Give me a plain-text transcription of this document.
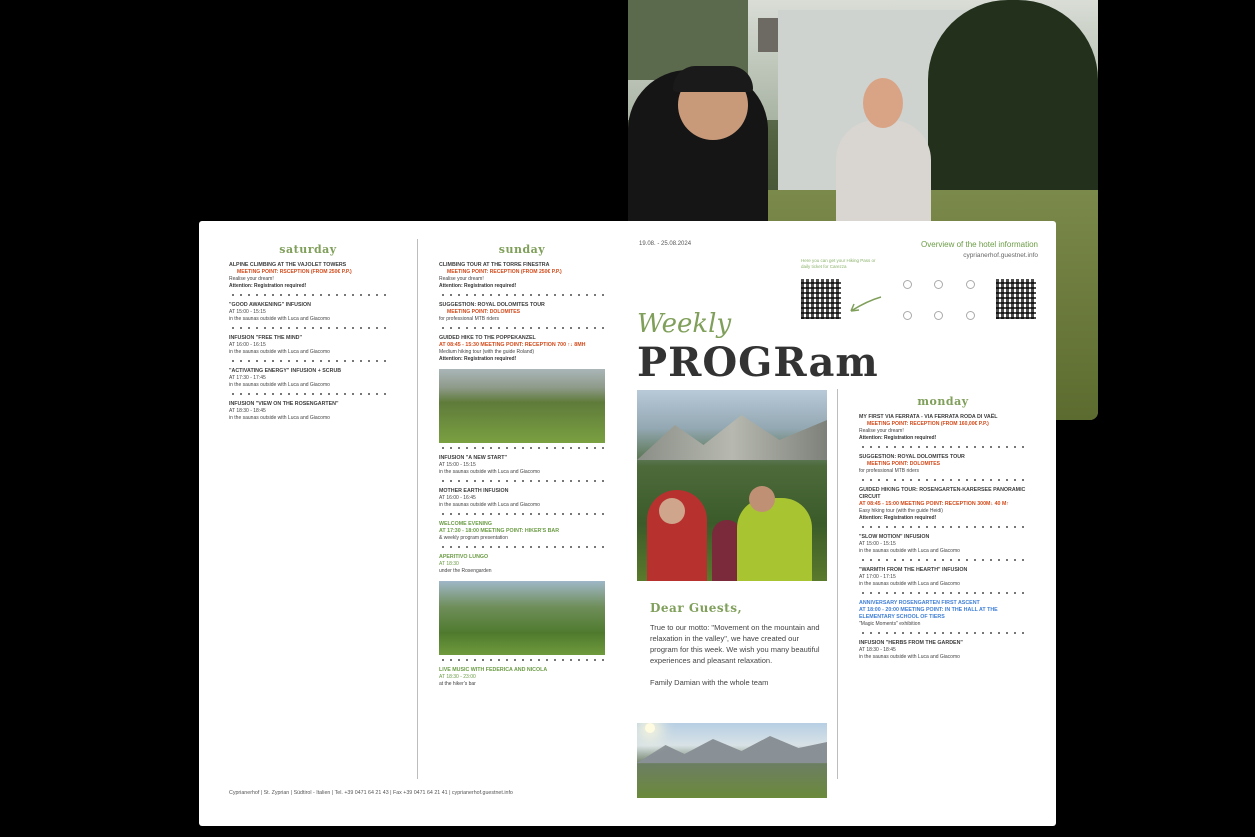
saturday
ALPINE CLIMBING AT THE VAJOLET TOWERS
MEETING POINT: RSCEPTION (FROM 250€ P.P.)
Realise your dream!
Attention: Registration required!
"GOOD AWAKENING" INFUSION
AT 15:00 - 15:15
in the saunas outside with Luca and Giacomo
INFUSION "FREE THE MIND"
AT 16:00 - 16:15
in the saunas outside with Luca and Giacomo
"ACTIVATING ENERGY" INFUSION + SCRUB
AT 17:30 - 17:45
in the saunas outside with Luca and Giacomo
INFUSION "VIEW ON THE ROSENGARTEN"
AT 18:30 - 18:45
in the saunas outside with Luca and Giacomo
sunday
CLIMBING TOUR AT THE TORRE FINESTRA
MEETING POINT: RECEPTION (FROM 250€ P.P.)
Realise your dream!
Attention: Registration required!
SUGGESTION: ROYAL DOLOMITES TOUR
MEETING POINT: DOLOMITES
for professional MTB riders
GUIDED HIKE TO THE POPPEKANZEL
AT 08:45 - 15:30 MEETING POINT: RECEPTION 700 ↑↓ 8MH
Medium hiking tour (with the guide Roland)
Attention: Registration required!
INFUSION "A NEW START"
AT 15:00 - 15:15
in the saunas outside with Luca and Giacomo
MOTHER EARTH INFUSION
AT 16:00 - 16:45
in the saunas outside with Luca and Giacomo
WELCOME EVENING
AT 17:30 - 18:00 MEETING POINT: HIKER'S BAR
& weekly program presentation
APERITIVO LUNGO
AT 18:30
under the Rosengarden
LIVE MUSIC WITH FEDERICA AND NICOLA
AT 18:30 - 23:00
at the hiker's bar
19.08. - 25.08.2024	Overview of the hotel information
cyprianerhof.guestnet.info
Here you can get your Hiking Pass or daily ticket for Carezza
Weekly
PROGRam
Dear Guests,
True to our motto: "Movement on the mountain and relaxation in the valley", we have created our program for this week. We wish you many beautiful experiences and pleasant relaxation.
Family Damian with the whole team
monday
MY FIRST VIA FERRATA - VIA FERRATA RODA DI VAËL
MEETING POINT: RECEPTION (FROM 160,00€ P.P.)
Realise your dream!
Attention: Registration required!
SUGGESTION: ROYAL DOLOMITES TOUR
MEETING POINT: DOLOMITES
for professional MTB riders
GUIDED HIKING TOUR: ROSENGARTEN-KARERSEE PANORAMIC CIRCUIT
AT 08:45 - 15:00 MEETING POINT: RECEPTION 300M↓ 40 M↑
Easy hiking tour (with the guide Heidi)
Attention: Registration required!
"SLOW MOTION" INFUSION
AT 15:00 - 15:15
in the saunas outside with Luca and Giacomo
"WARMTH FROM THE HEARTH" INFUSION
AT 17:00 - 17:15
in the saunas outside with Luca and Giacomo
ANNIVERSARY ROSENGARTEN FIRST ASCENT
AT 18:00 - 20:00 MEETING POINT: IN THE HALL AT THE ELEMENTARY SCHOOL OF TIERS
"Magic Moments" exhibition
INFUSION "HERBS FROM THE GARDEN"
AT 18:30 - 18:45
in the saunas outside with Luca and Giacomo
Cyprianerhof | St. Zyprian | Südtirol - Italien | Tel. +39 0471 64 21 43 | Fax +39 0471 64 21 41 | cyprianerhof.guestnet.info
